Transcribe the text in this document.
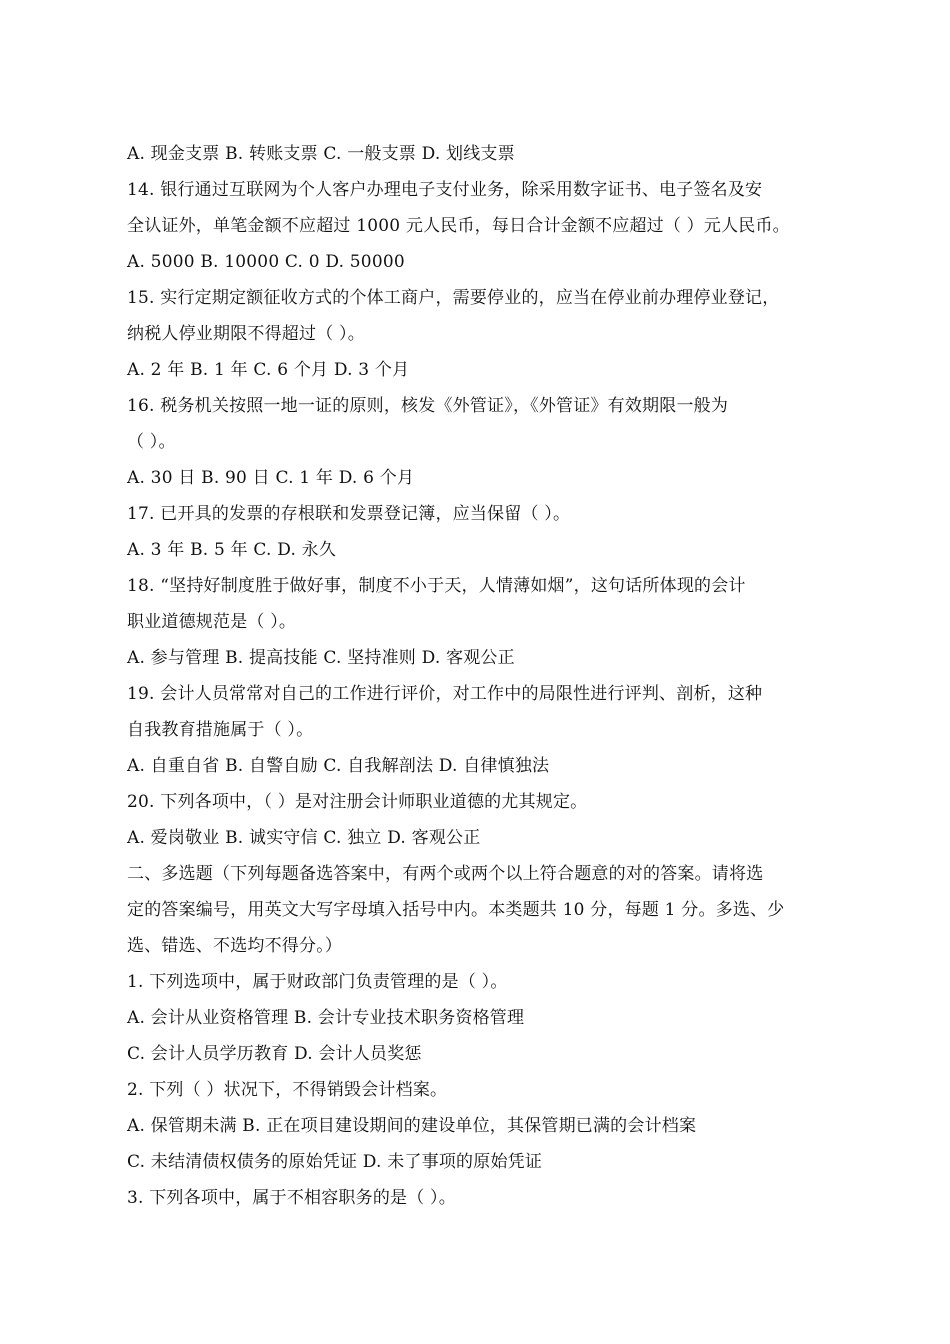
A. 现金支票 B. 转账支票 C. 一般支票 D. 划线支票
14. 银行通过互联网为个人客户办理电子支付业务，除采用数字证书、电子签名及安
全认证外，单笔金额不应超过 1000 元人民币，每日合计金额不应超过（ ）元人民币。
A. 5000 B. 10000 C. 0 D. 50000
15. 实行定期定额征收方式的个体工商户，需要停业的，应当在停业前办理停业登记，
纳税人停业期限不得超过（ ）。
A. 2 年 B. 1 年 C. 6 个月 D. 3 个月
16. 税务机关按照一地一证的原则，核发《外管证》，《外管证》有效期限一般为
（ ）。
A. 30 日 B. 90 日 C. 1 年 D. 6 个月
17. 已开具的发票的存根联和发票登记簿，应当保留（ ）。
A. 3 年 B. 5 年 C. D. 永久
18. “坚持好制度胜于做好事，制度不小于天，人情薄如烟”，这句话所体现的会计
职业道德规范是（ ）。
A. 参与管理 B. 提高技能 C. 坚持准则 D. 客观公正
19. 会计人员常常对自己的工作进行评价，对工作中的局限性进行评判、剖析，这种
自我教育措施属于（ ）。
A. 自重自省 B. 自警自励 C. 自我解剖法 D. 自律慎独法
20. 下列各项中，（ ）是对注册会计师职业道德的尤其规定。
A. 爱岗敬业 B. 诚实守信 C. 独立 D. 客观公正
二、多选题（下列每题备选答案中，有两个或两个以上符合题意的对的答案。请将选
定的答案编号，用英文大写字母填入括号中内。本类题共 10 分，每题 1 分。多选、少
选、错选、不选均不得分。）
1. 下列选项中，属于财政部门负责管理的是（ ）。
A. 会计从业资格管理 B. 会计专业技术职务资格管理
C. 会计人员学历教育 D. 会计人员奖惩
2. 下列（ ）状况下，不得销毁会计档案。
A. 保管期未满 B. 正在项目建设期间的建设单位，其保管期已满的会计档案
C. 未结清债权债务的原始凭证 D. 未了事项的原始凭证
3. 下列各项中，属于不相容职务的是（ ）。
